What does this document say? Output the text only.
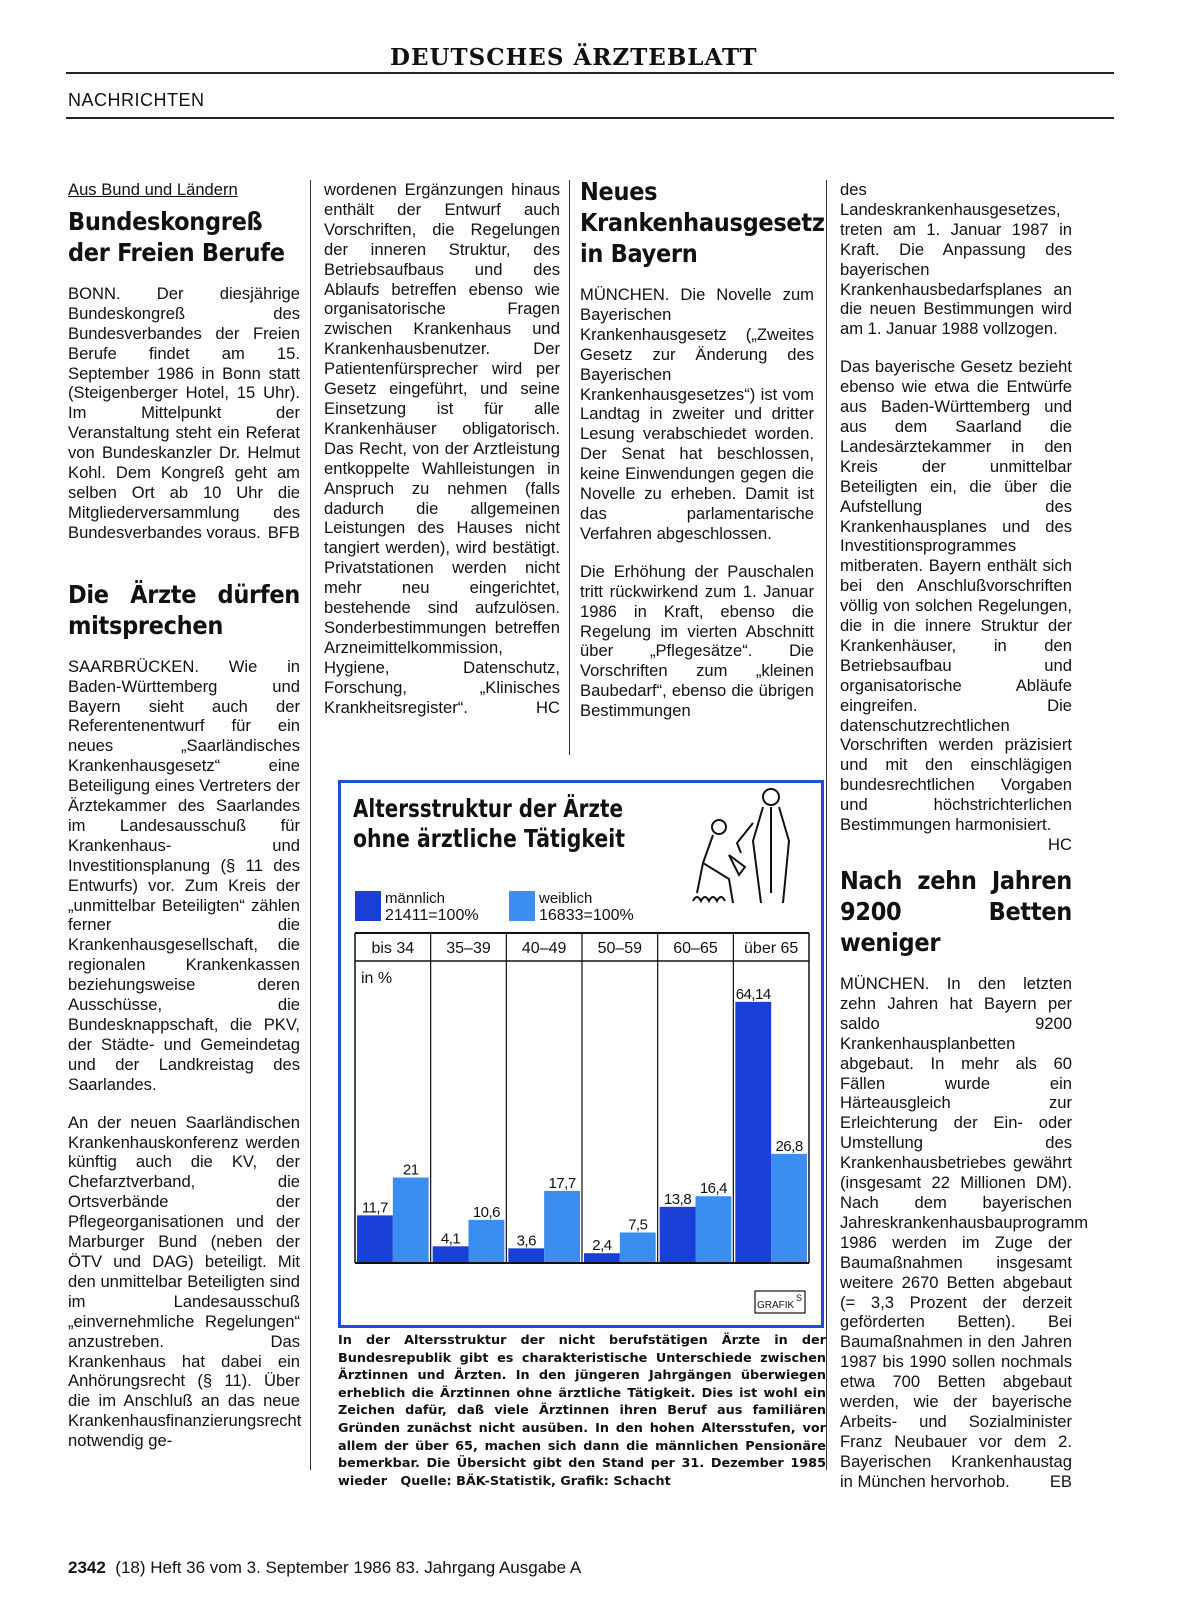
DEUTSCHES ÄRZTEBLATT
NACHRICHTEN
Aus Bund und Ländern
Bundeskongreß der Freien Berufe

BONN. Der diesjährige Bundeskongreß des Bundesverbandes der Freien Berufe findet am 15. September 1986 in Bonn statt (Steigenberger Hotel, 15 Uhr). Im Mittelpunkt der Veranstaltung steht ein Referat von Bundeskanzler Dr. Helmut Kohl. Dem Kongreß geht am selben Ort ab 10 Uhr die Mitgliederversammlung des Bundesverbandes voraus. BFB

Die Ärzte dürfen mitsprechen

SAARBRÜCKEN. Wie in Baden-Württemberg und Bayern sieht auch der Referentenentwurf für ein neues „Saarländisches Krankenhausgesetz“ eine Beteiligung eines Vertreters der Ärztekammer des Saarlandes im Landesausschuß für Krankenhaus- und Investitionsplanung (§ 11 des Entwurfs) vor. Zum Kreis der „unmittelbar Beteiligten“ zählen ferner die Krankenhausgesellschaft, die regionalen Krankenkassen beziehungsweise deren Ausschüsse, die Bundesknappschaft, die PKV, der Städte- und Gemeindetag und der Landkreistag des Saarlandes.

An der neuen Saarländischen Krankenhauskonferenz werden künftig auch die KV, der Chefarztverband, die Ortsverbände der Pflegeorganisationen und der Marburger Bund (neben der ÖTV und DAG) beteiligt. Mit den unmittelbar Beteiligten sind im Landesausschuß „einvernehmliche Regelungen“ anzustreben. Das Krankenhaus hat dabei ein Anhörungsrecht (§ 11). Über die im Anschluß an das neue Krankenhausfinanzierungsrecht notwendig ge-

wordenen Ergänzungen hinaus enthält der Entwurf auch Vorschriften, die Regelungen der inneren Struktur, des Betriebsaufbaus und des Ablaufs betreffen ebenso wie organisatorische Fragen zwischen Krankenhaus und Krankenhausbenutzer. Der Patientenfürsprecher wird per Gesetz eingeführt, und seine Einsetzung ist für alle Krankenhäuser obligatorisch. Das Recht, von der Arztleistung entkoppelte Wahlleistungen in Anspruch zu nehmen (falls dadurch die allgemeinen Leistungen des Hauses nicht tangiert werden), wird bestätigt. Privatstationen werden nicht mehr neu eingerichtet, bestehende sind aufzulösen. Sonderbestimmungen betreffen Arzneimittelkommission, Hygiene, Datenschutz, Forschung, „Klinisches Krankheitsregister“.	HC

Neues Krankenhausgesetz in Bayern

MÜNCHEN. Die Novelle zum Bayerischen Krankenhausgesetz („Zweites Gesetz zur Änderung des Bayerischen Krankenhausgesetzes“) ist vom Landtag in zweiter und dritter Lesung verabschiedet worden. Der Senat hat beschlossen, keine Einwendungen gegen die Novelle zu erheben. Damit ist das parlamentarische Verfahren abgeschlossen.

Die Erhöhung der Pauschalen tritt rückwirkend zum 1. Januar 1986 in Kraft, ebenso die Regelung im vierten Abschnitt über „Pflegesätze“. Die Vorschriften zum „kleinen Baubedarf“, ebenso die übrigen Bestimmungen

des Landeskrankenhausgesetzes, treten am 1. Januar 1987 in Kraft. Die Anpassung des bayerischen Krankenhausbedarfsplanes an die neuen Bestimmungen wird am 1. Januar 1988 vollzogen.

Das bayerische Gesetz bezieht ebenso wie etwa die Entwürfe aus Baden-Württemberg und aus dem Saarland die Landesärztekammer in den Kreis der unmittelbar Beteiligten ein, die über die Aufstellung des Krankenhausplanes und des Investitionsprogrammes mitberaten. Bayern enthält sich bei den Anschlußvorschriften völlig von solchen Regelungen, die in die innere Struktur der Krankenhäuser, in den Betriebsaufbau und organisatorische Abläufe eingreifen. Die datenschutzrechtlichen Vorschriften werden präzisiert und mit den einschlägigen bundesrechtlichen Vorgaben und höchstrichterlichen Bestimmungen harmonisiert.
HC

Nach zehn Jahren 9200 Betten weniger

MÜNCHEN. In den letzten zehn Jahren hat Bayern per saldo 9200 Krankenhausplanbetten abgebaut. In mehr als 60 Fällen wurde ein Härteausgleich zur Erleichterung der Ein- oder Umstellung des Krankenhausbetriebes gewährt (insgesamt 22 Millionen DM). Nach dem bayerischen Jahreskrankenhausbauprogramm 1986 werden im Zuge der Baumaßnahmen insgesamt weitere 2670 Betten abgebaut (= 3,3 Prozent der derzeit geförderten Betten). Bei Baumaßnahmen in den Jahren 1987 bis 1990 sollen nochmals etwa 700 Betten abgebaut werden, wie der bayerische Arbeits- und Sozialminister Franz Neubauer vor dem 2. Bayerischen Krankenhaustag in München hervorhob. EB

Altersstruktur der Ärzte
ohne ärztliche Tätigkeit
männlich
21411=100%
weiblich
16833=100%
bis 34 35–39 40–49 50–59 60–65 über 65
in %
11,7
21
4,1
10,6
3,6
17,7
2,4
7,5
13,8
16,4
64,14
26,8
GRAFIK
S
In der Altersstruktur der nicht berufstätigen Ärzte in der Bundesrepublik gibt es charakteristische Unterschiede zwischen Ärztinnen und Ärzten. In den jüngeren Jahrgängen überwiegen erheblich die Ärztinnen ohne ärztliche Tätigkeit. Dies ist wohl ein Zeichen dafür, daß viele Ärztinnen ihren Beruf aus familiären Gründen zunächst nicht ausüben. In den hohen Altersstufen, vor allem der über 65, machen sich dann die männlichen Pensionäre bemerkbar. Die Übersicht gibt den Stand per 31. Dezember 1985 wieder Quelle: BÄK-Statistik, Grafik: Schacht
2342 (18) Heft 36 vom 3. September 1986 83. Jahrgang Ausgabe A
